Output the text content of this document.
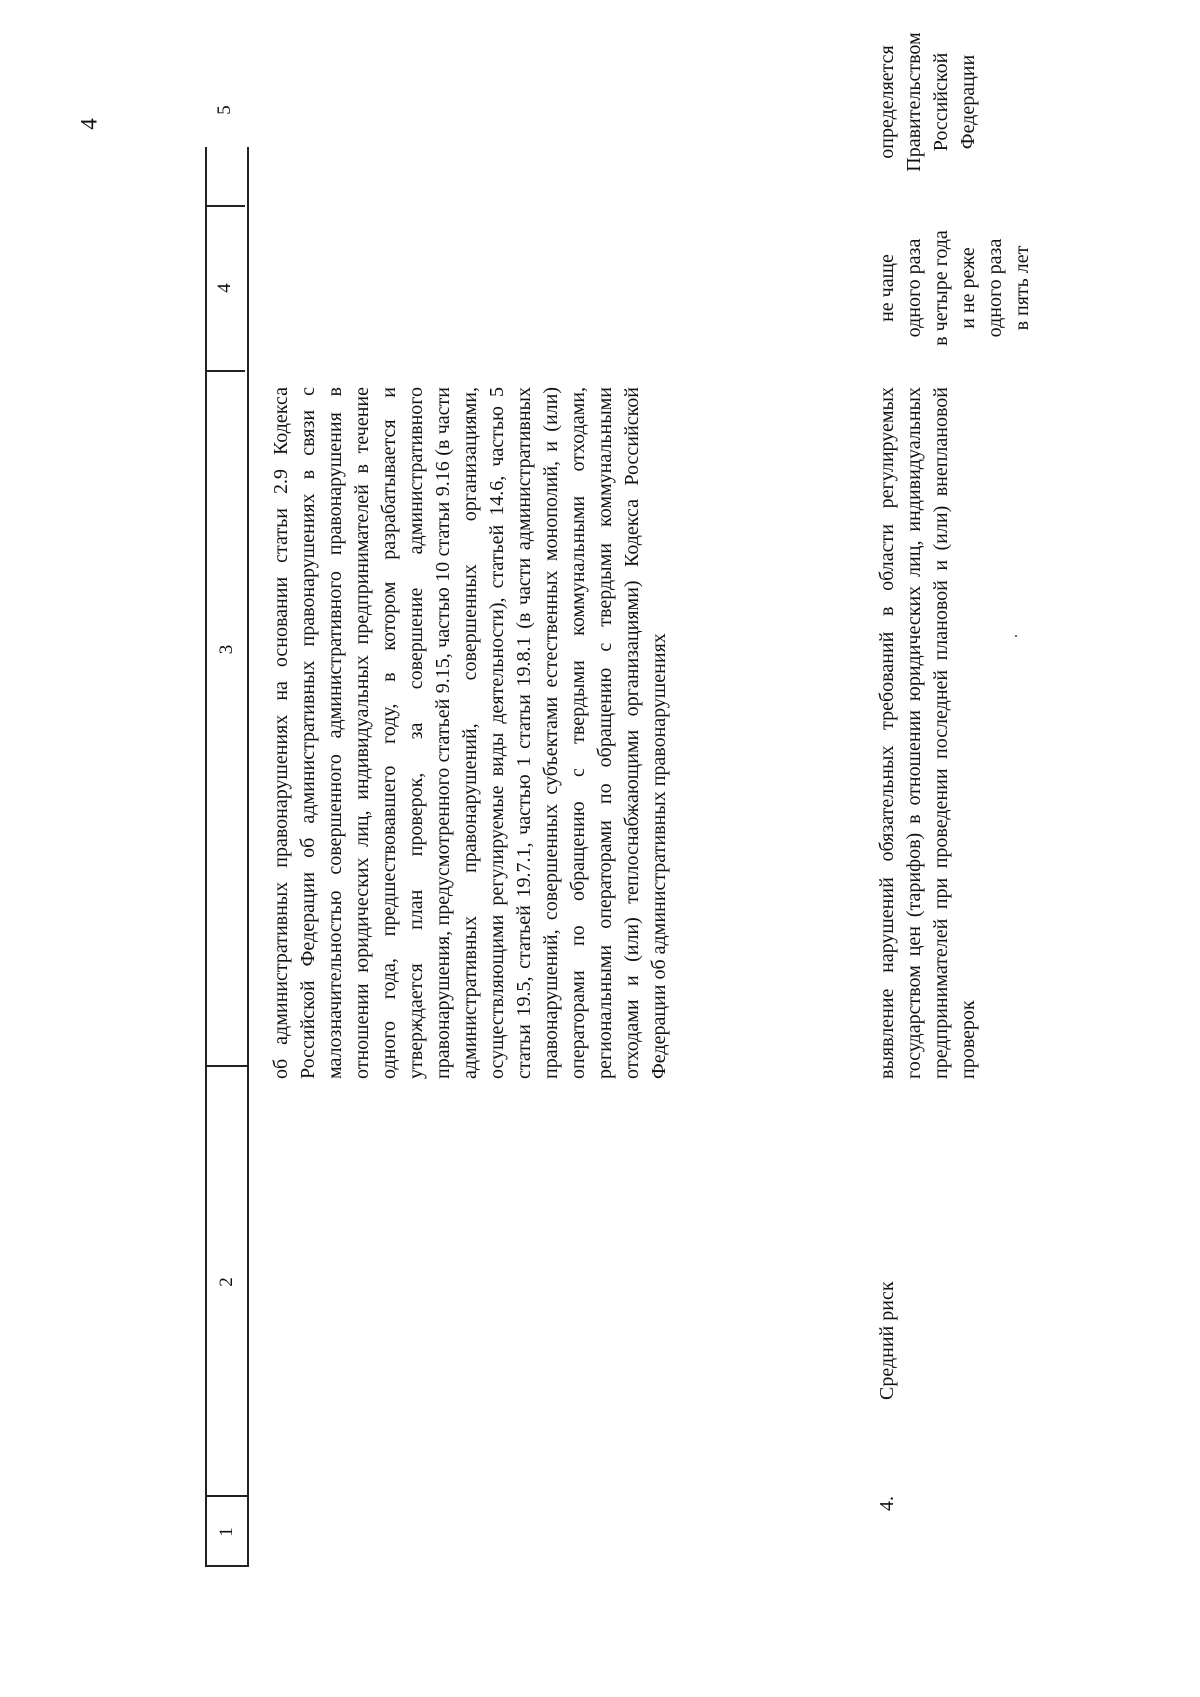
4
1
2
3
4
5
об административных правонарушениях на основании статьи 2.9 Кодекса Российской Федерации об административных правонарушениях в связи с малозначительностью совершенного административного правонарушения в отношении юридических лиц, индивидуальных предпринимателей в течение одного года, предшествовавшего году, в котором разрабатывается и утверждается план проверок, за совершение административного правонарушения, предусмотренного статьей 9.15, частью 10 статьи 9.16 (в части административных правонарушений, совершенных организациями, осуществляющими регулируемые виды деятельности), статьей 14.6, частью 5 статьи 19.5, статьей 19.7.1, частью 1 статьи 19.8.1 (в части административных правонарушений, совершенных субъектами естественных монополий, и (или) операторами по обращению с твердыми коммунальными отходами, региональными операторами по обращению с твердыми коммунальными отходами и (или) теплоснабжающими организациями) Кодекса Российской Федерации об административных правонарушениях
4.
Средний риск
выявление нарушений обязательных требований в области регулируемых государством цен (тарифов) в отношении юридических лиц, индивидуальных предпринимателей при проведении последней плановой и (или) внеплановой проверок
не чаще одного раза в четыре года и не реже одного раза в пять лет
определяется Правительством Российской Федерации
